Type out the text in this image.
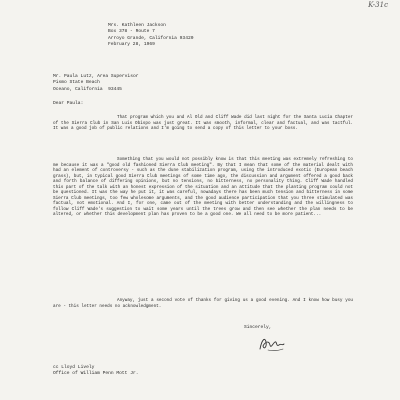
K-31c
Mrs. Kathleen Jackson
Box 378 - Route 7
Arroyo Grande, California 93420
February 28, 1969
Mr. Paula Lutz, Area Supervisor
Pismo State Beach
Oceano, California  93445
Dear Paula:
That program which you and Al Old and Cliff Wade did last night for the Santa Lucia Chapter of the Sierra Club in San Luis Obispo was just great. It was smooth, informal, clear and factual, and was tactful. It was a good job of public relations and I'm going to send a copy of this letter to your boss.
Something that you would not possibly know is that this meeting was extremely refreshing to me because it was a "good old fashioned Sierra Club meeting". By that I mean that some of the material dealt with had an element of controversy - such as the dune stabilization program, using the introduced exotic (European beach grass), but, in typical good Sierra Club meetings of some time ago, the discussion and argument offered a good back and forth balance of differing opinions, but no tensions, no bitterness, no personality thing. Cliff Wade handled this part of the talk with an honest expression of the situation and an attitude that the planting program could not be questioned. It was the way he put it, it was careful, nowadays there has been much tension and bitterness in some Sierra Club meetings, too few wholesome arguments, and the good audience participation that you three stimulated was factual, not emotional. And I, for one, came out of the meeting with better understanding and the willingness to follow Cliff Wade's suggestion to wait some years until the trees grow and then see whether the plan needs to be altered, or whether this development plan has proven to be a good one. We all need to be more patient...
Anyway, just a second vote of thanks for giving us a good evening. And I know how busy you are - this letter needs no acknowledgment.
Sincerely,
cc Lloyd Lively
Office of William Penn Mott Jr.
